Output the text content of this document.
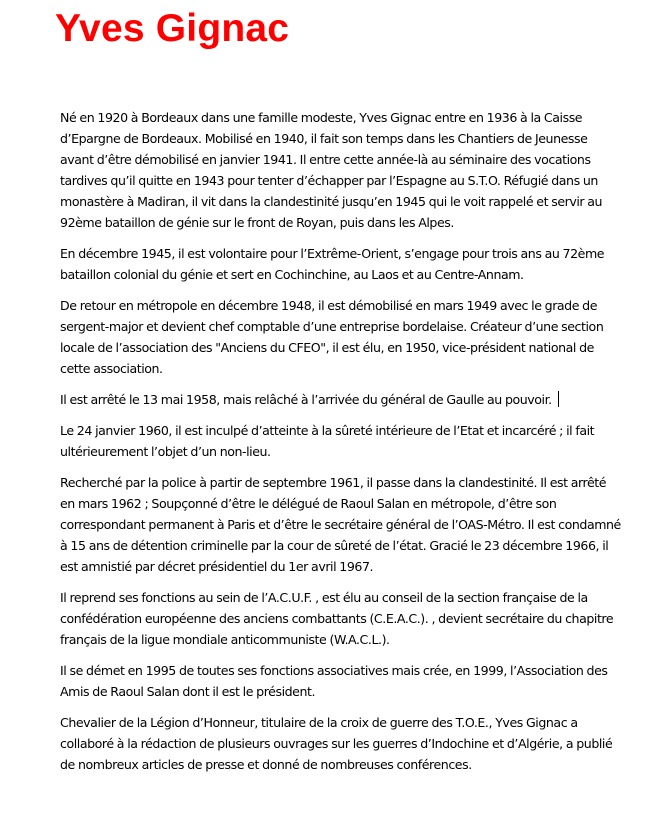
Yves Gignac

Né en 1920 à Bordeaux dans une famille modeste, Yves Gignac entre en 1936 à la Caisse d’Epargne de Bordeaux. Mobilisé en 1940, il fait son temps dans les Chantiers de Jeunesse avant d’être démobilisé en janvier 1941. Il entre cette année-là au séminaire des vocations tardives qu’il quitte en 1943 pour tenter d’échapper par l’Espagne au S.T.O. Réfugié dans un monastère à Madiran, il vit dans la clandestinité jusqu’en 1945 qui le voit rappelé et servir au 92ème bataillon de génie sur le front de Royan, puis dans les Alpes.

En décembre 1945, il est volontaire pour l’Extrême-Orient, s’engage pour trois ans au 72ème bataillon colonial du génie et sert en Cochinchine, au Laos et au Centre-Annam.

De retour en métropole en décembre 1948, il est démobilisé en mars 1949 avec le grade de sergent-major et devient chef comptable d’une entreprise bordelaise. Créateur d’une section locale de l’association des "Anciens du CFEO", il est élu, en 1950, vice-président national de cette association.

Il est arrêté le 13 mai 1958, mais relâché à l’arrivée du général de Gaulle au pouvoir.

Le 24 janvier 1960, il est inculpé d’atteinte à la sûreté intérieure de l’Etat et incarcéré ; il fait ultérieurement l’objet d’un non-lieu.

Recherché par la police à partir de septembre 1961, il passe dans la clandestinité. Il est arrêté en mars 1962 ; Soupçonné d’être le délégué de Raoul Salan en métropole, d’être son correspondant permanent à Paris et d’être le secrétaire général de l’OAS-Métro. Il est condamné à 15 ans de détention criminelle par la cour de sûreté de l’état. Gracié le 23 décembre 1966, il est amnistié par décret présidentiel du 1er avril 1967.

Il reprend ses fonctions au sein de l’A.C.U.F. , est élu au conseil de la section française de la confédération européenne des anciens combattants (C.E.A.C.). , devient secrétaire du chapitre français de la ligue mondiale anticommuniste (W.A.C.L.).

Il se démet en 1995 de toutes ses fonctions associatives mais crée, en 1999, l’Association des Amis de Raoul Salan dont il est le président.

Chevalier de la Légion d’Honneur, titulaire de la croix de guerre des T.O.E., Yves Gignac a collaboré à la rédaction de plusieurs ouvrages sur les guerres d’Indochine et d’Algérie, a publié de nombreux articles de presse et donné de nombreuses conférences.
